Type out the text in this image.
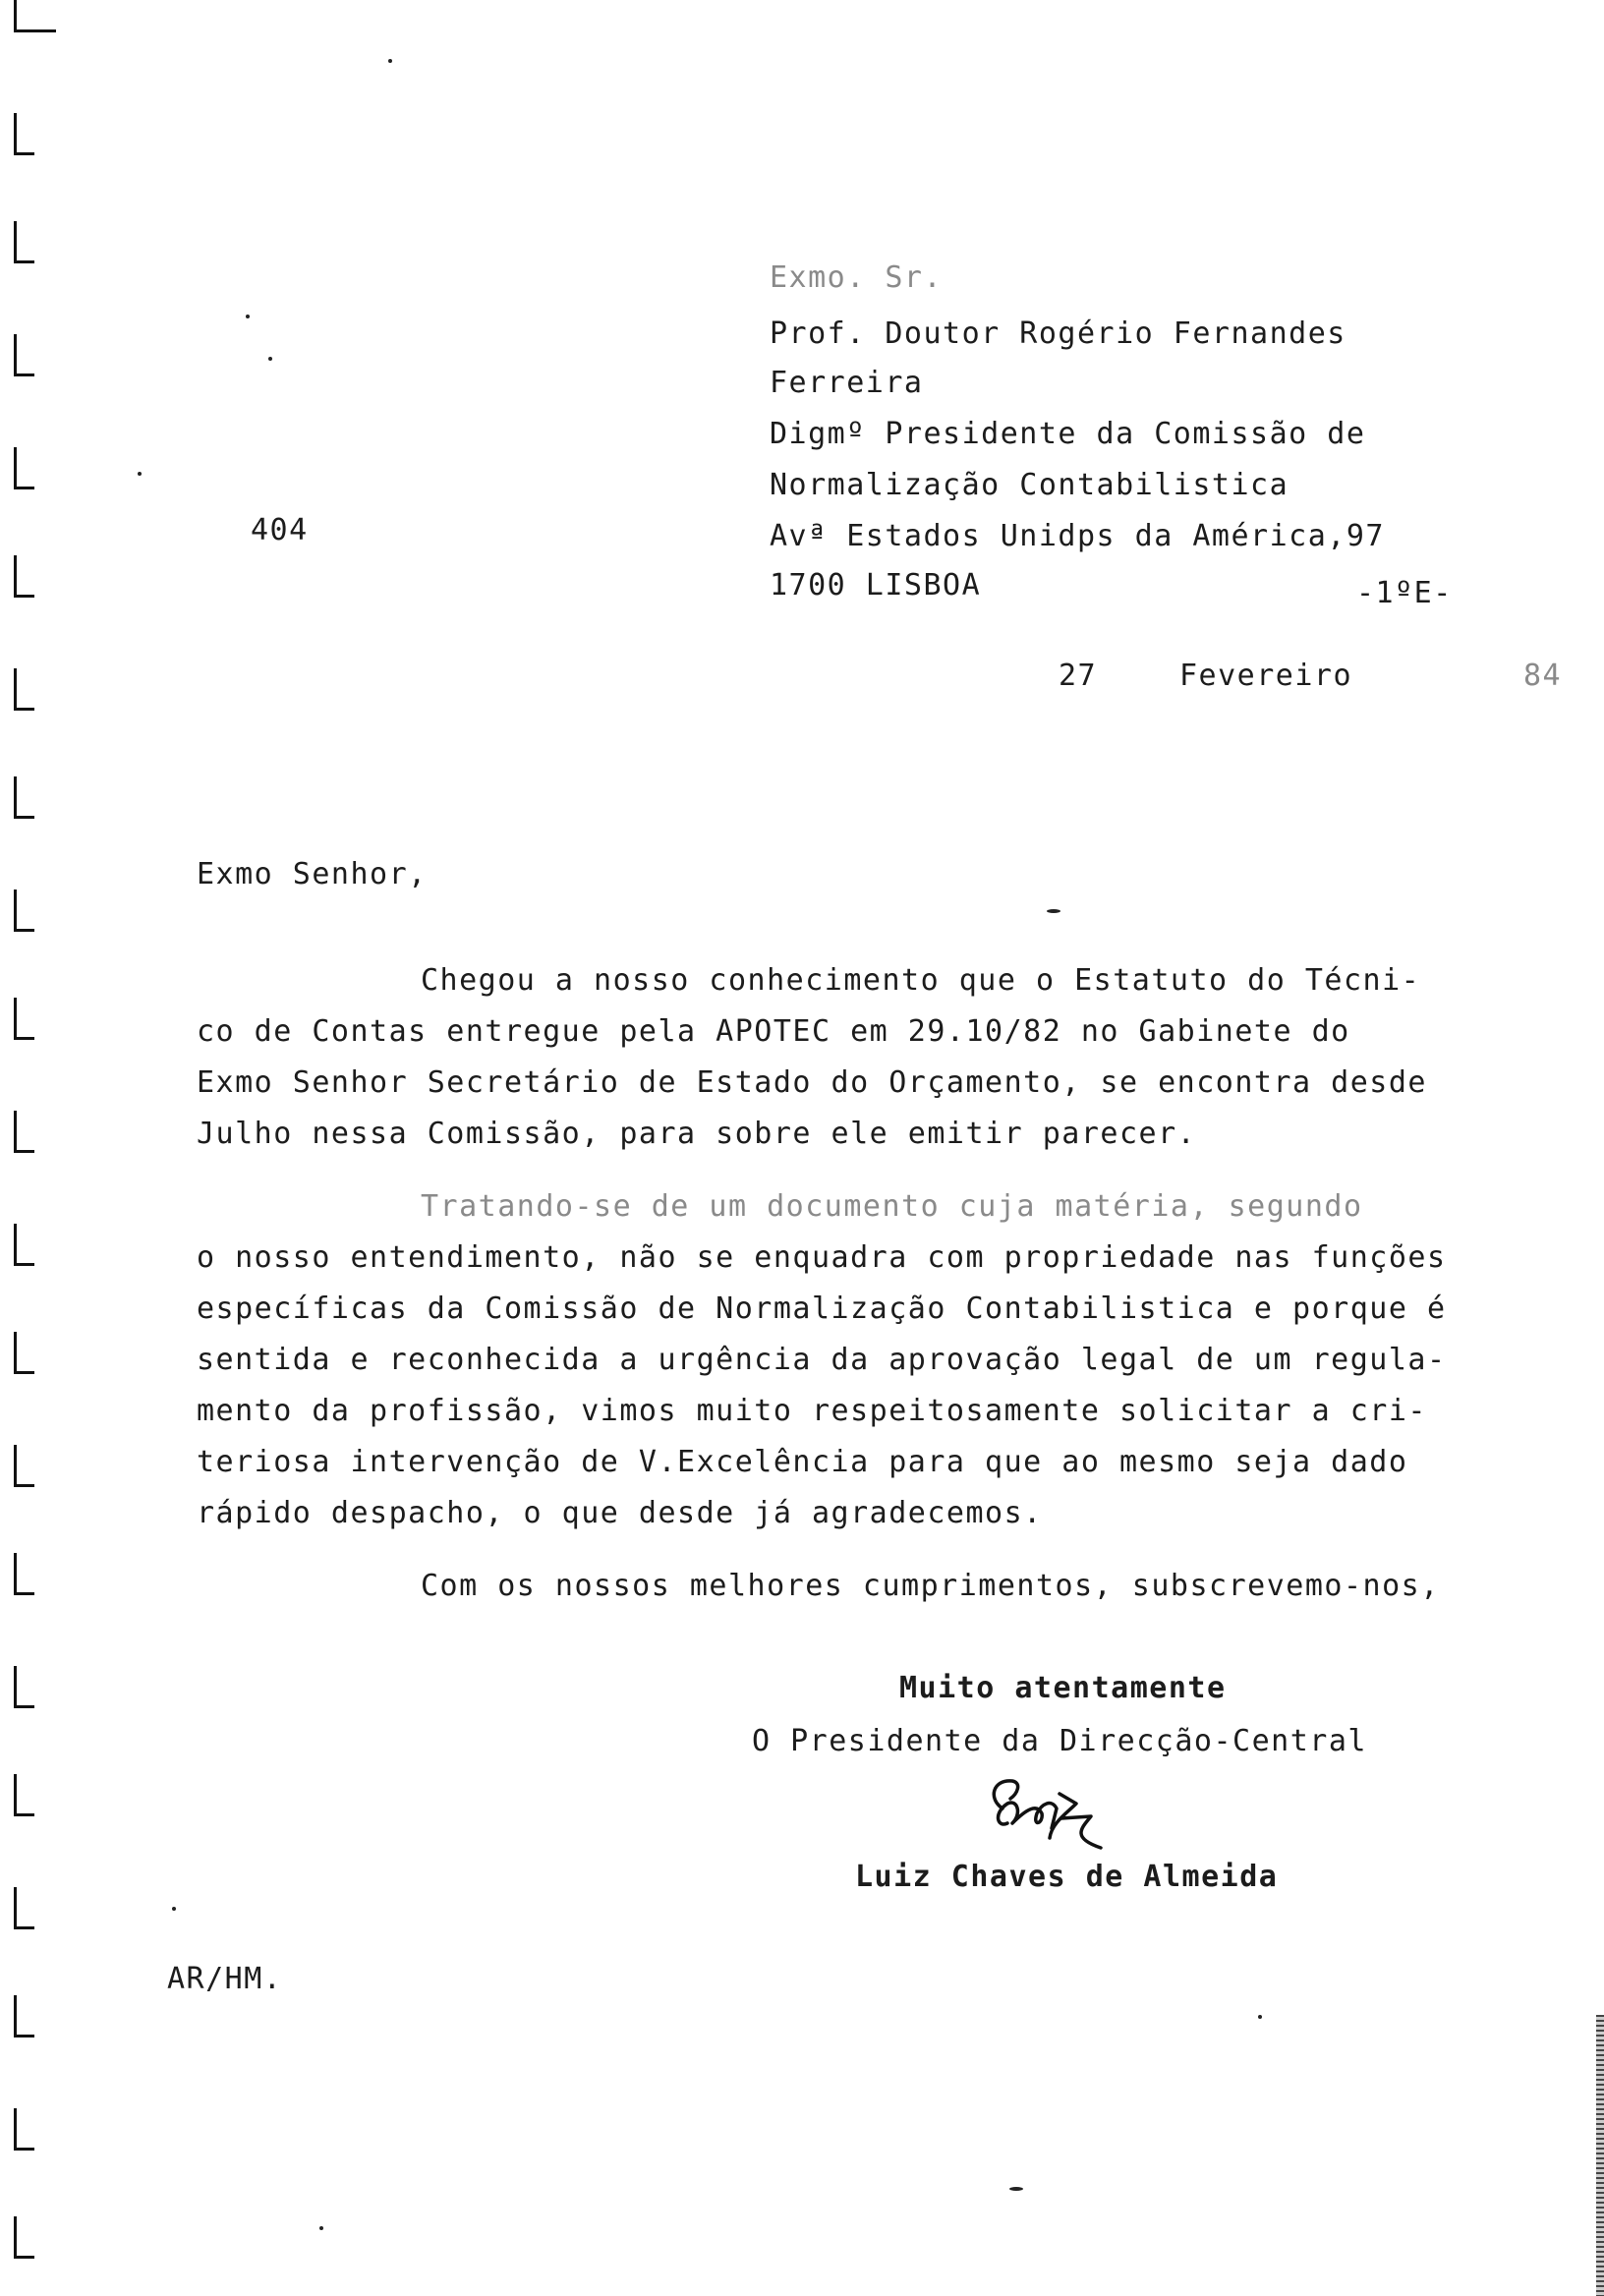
Exmo. Sr.
Prof. Doutor Rogério Fernandes
Ferreira
Digmº Presidente da Comissão de
Normalização Contabilistica
Avª Estados Unidps da América,97
1700 LISBOA	-1ºE-
404
27	Fevereiro	84
Exmo Senhor,
Chegou a nosso conhecimento que o Estatuto do Técni-
co de Contas entregue pela APOTEC em 29.10/82 no Gabinete do
Exmo Senhor Secretário de Estado do Orçamento, se encontra desde
Julho nessa Comissão, para sobre ele emitir parecer.
Tratando-se de um documento cuja matéria, segundo
o nosso entendimento, não se enquadra com propriedade nas funções
específicas da Comissão de Normalização Contabilistica e porque é
sentida e reconhecida a urgência da aprovação legal de um regula-
mento da profissão, vimos muito respeitosamente solicitar a cri-
teriosa intervenção de V.Excelência para que ao mesmo seja dado
rápido despacho, o que desde já agradecemos.
Com os nossos melhores cumprimentos, subscrevemo-nos,
Muito atentamente
O Presidente da Direcção-Central
Luiz Chaves de Almeida
AR/HM.
